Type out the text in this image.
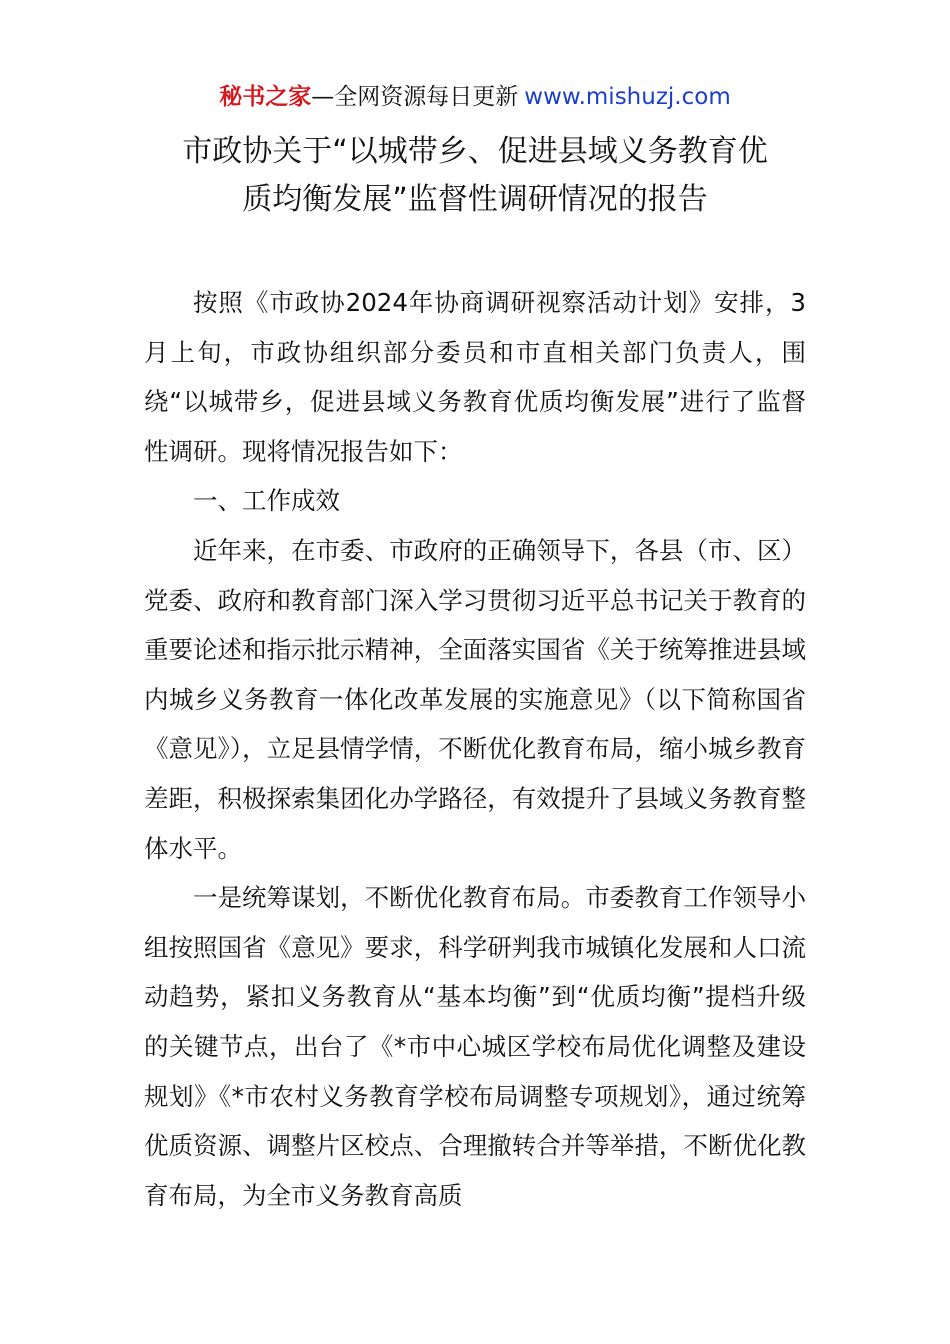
秘书之家—全网资源每日更新 www.mishuzj.com
市政协关于“以城带乡、促进县域义务教育优
质均衡发展”监督性调研情况的报告

按照《市政协2024年协商调研视察活动计划》安排，3月上旬，市政协组织部分委员和市直相关部门负责人，围绕“以城带乡，促进县域义务教育优质均衡发展”进行了监督性调研。现将情况报告如下：

一、工作成效

近年来，在市委、市政府的正确领导下，各县（市、区）党委、政府和教育部门深入学习贯彻习近平总书记关于教育的重要论述和指示批示精神，全面落实国省《关于统筹推进县域内城乡义务教育一体化改革发展的实施意见》（以下简称国省《意见》），立足县情学情，不断优化教育布局，缩小城乡教育差距，积极探索集团化办学路径，有效提升了县域义务教育整体水平。

一是统筹谋划，不断优化教育布局。市委教育工作领导小组按照国省《意见》要求，科学研判我市城镇化发展和人口流动趋势，紧扣义务教育从“基本均衡”到“优质均衡”提档升级的关键节点，出台了《*市中心城区学校布局优化调整及建设规划》《*市农村义务教育学校布局调整专项规划》，通过统筹优质资源、调整片区校点、合理撤转合并等举措，不断优化教育布局，为全市义务教育高质
